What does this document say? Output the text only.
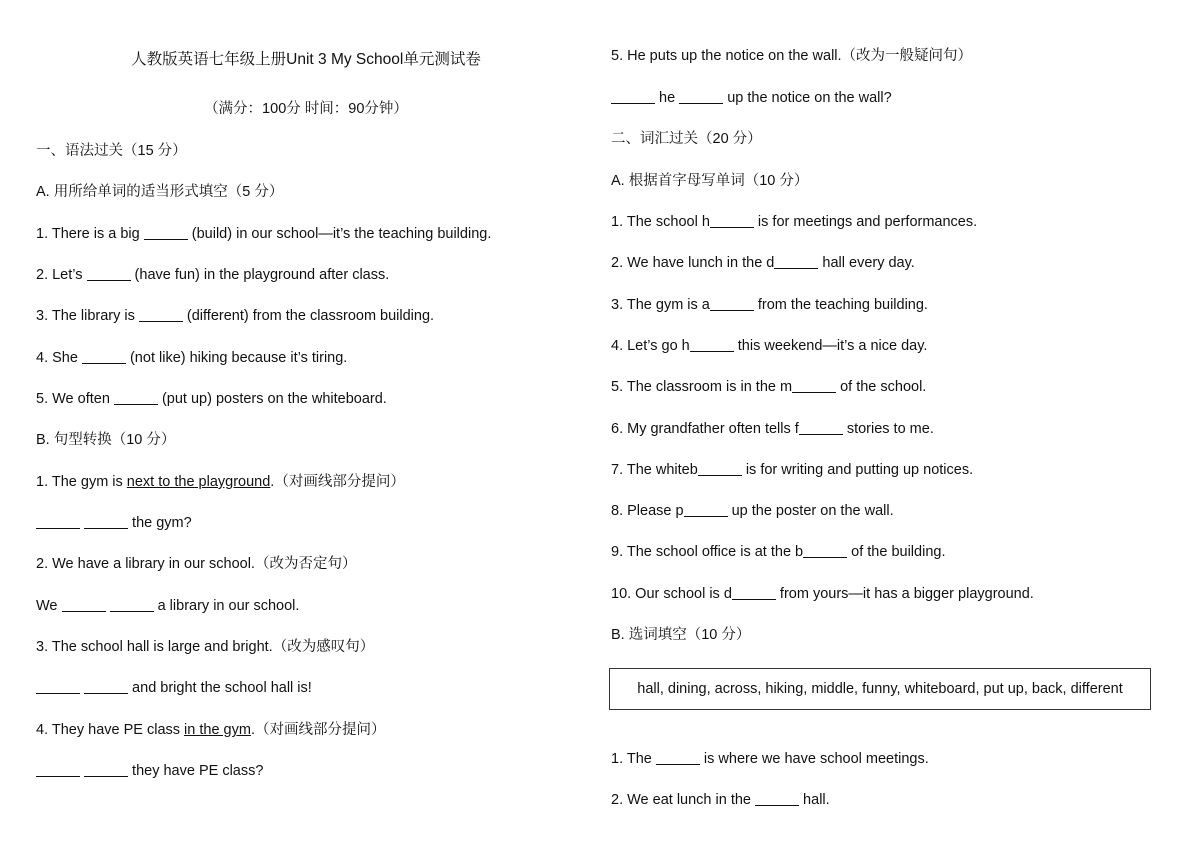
人教版英语七年级上册Unit 3 My School单元测试卷
（满分：100分 时间：90分钟）
一、语法过关（15 分）
A. 用所给单词的适当形式填空（5 分）
1. There is a big	(build) in our school—it’s the teaching building.
2. Let’s	(have fun) in the playground after class.
3. The library is	(different) from the classroom building.
4. She	(not like) hiking because it’s tiring.
5. We often	(put up) posters on the whiteboard.
B. 句型转换（10 分）
1. The gym is next to the playground.（对画线部分提问）
the gym?
2. We have a library in our school.（改为否定句）
We	a library in our school.
3. The school hall is large and bright.（改为感叹句）
and bright the school hall is!
4. They have PE class in the gym.（对画线部分提问）
they have PE class?
5. He puts up the notice on the wall.（改为一般疑问句）
he	up the notice on the wall?
二、词汇过关（20 分）
A. 根据首字母写单词（10 分）
1. The school h	is for meetings and performances.
2. We have lunch in the d	hall every day.
3. The gym is a	from the teaching building.
4. Let’s go h	this weekend—it’s a nice day.
5. The classroom is in the m	of the school.
6. My grandfather often tells f	stories to me.
7. The whiteb	is for writing and putting up notices.
8. Please p	up the poster on the wall.
9. The school office is at the b	of the building.
10. Our school is d	from yours—it has a bigger playground.
B. 选词填空（10 分）
hall, dining, across, hiking, middle, funny, whiteboard, put up, back, different
1. The	is where we have school meetings.
2. We eat lunch in the	hall.
